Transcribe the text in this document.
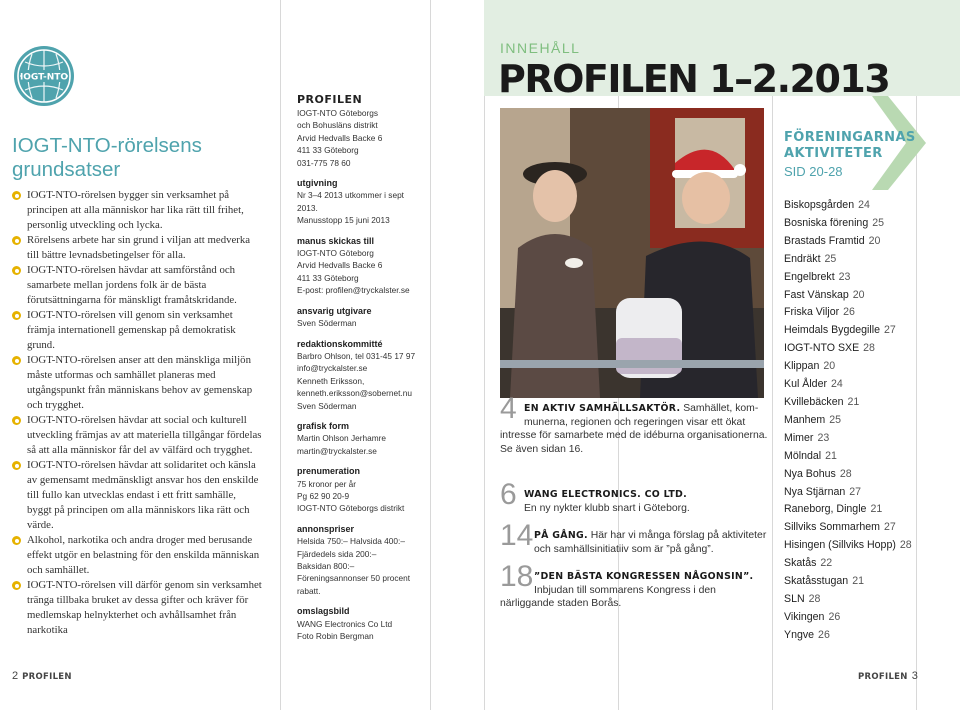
IOGT-NTO
IOGT-NTO-rörelsens grundsatser
IOGT-NTO-rörelsen bygger sin verksamhet på principen att alla människor har lika rätt till frihet, personlig utveckling och lycka.
Rörelsens arbete har sin grund i viljan att medverka till bättre levnadsbetingelser för alla.
IOGT-NTO-rörelsen hävdar att samförstånd och samarbete mellan jordens folk är de bästa förutsättningarna för mänskligt framåtskridande.
IOGT-NTO-rörelsen vill genom sin verksamhet främja internationell gemenskap på demokratisk grund.
IOGT-NTO-rörelsen anser att den mänskliga miljön måste utformas och samhället planeras med utgångspunkt från människans behov av gemenskap och trygghet.
IOGT-NTO-rörelsen hävdar att social och kulturell utveckling främjas av att materiella tillgångar fördelas så att alla människor får del av välfärd och trygghet.
IOGT-NTO-rörelsen hävdar att solidaritet och känsla av gemensamt medmänskligt ansvar hos den enskilde till fullo kan utvecklas endast i ett fritt samhälle, byggt på principen om alla människors lika rätt och värde.
Alkohol, narkotika och andra droger med berusande effekt utgör en belastning för den enskilda människan och samhället.
IOGT-NTO-rörelsen vill därför genom sin verksamhet tränga tillbaka bruket av dessa gifter och kräver för medlemskap helnykterhet och avhållsamhet från narkotika
2 PROFILEN
PROFILEN
IOGT-NTO Göteborgs
och Bohusläns distrikt
Arvid Hedvalls Backe 6
411 33 Göteborg
031-775 78 60
utgivning
Nr 3–4 2013 utkommer i sept 2013.
Manusstopp 15 juni 2013
manus skickas till
IOGT-NTO Göteborg
Arvid Hedvalls Backe 6
411 33 Göteborg
E-post: profilen@tryckalster.se
ansvarig utgivare
Sven Söderman
redaktionskommitté
Barbro Ohlson, tel 031-45 17 97
info@tryckalster.se
Kenneth Eriksson,
kenneth.eriksson@sobernet.nu
Sven Söderman
grafisk form
Martin Ohlson Jerhamre
martin@tryckalster.se
prenumeration
75 kronor per år
Pg 62 90 20-9
IOGT-NTO Göteborgs distrikt
annonspriser
Helsida 750:– Halvsida 400:–
Fjärdedels sida 200:–
Baksidan 800:–
Föreningsannonser 50 procent
rabatt.
omslagsbild
WANG Electronics Co Ltd
Foto Robin Bergman
INNEHÅLL
PROFILEN 1–2.2013
4 EN AKTIV SAMHÄLLSAKTÖR. Samhället, kom-
munerna, regionen och regeringen visar ett ökat
intresse för samarbete med de idéburna organisationerna. Se även sidan 16.
6 WANG ELECTRONICS. CO LTD.
En ny nykter klubb snart i Göteborg.
14 PÅ GÅNG. Här har vi många förslag på aktiviteter
och samhällsinitiatiiv som är ”på gång”.
18 ”DEN BÄSTA KONGRESSEN NÅGONSIN”.
Inbjudan till sommarens Kongress i den närliggande staden Borås.
FÖRENINGARNAS AKTIVITETER
SID 20-28
Biskopsgården 24
Bosniska förening 25
Brastads Framtid 20
Endräkt 25
Engelbrekt 23
Fast Vänskap 20
Friska Viljor 26
Heimdals Bygdegille 27
IOGT-NTO SXE 28
Klippan 20
Kul Ålder 24
Kvillebäcken 21
Manhem 25
Mimer 23
Mölndal 21
Nya Bohus 28
Nya Stjärnan 27
Raneborg, Dingle 21
Sillviks Sommarhem 27
Hisingen (Sillviks Hopp) 28
Skatås 22
Skatåsstugan 21
SLN 28
Vikingen 26
Yngve 26
PROFILEN 3
